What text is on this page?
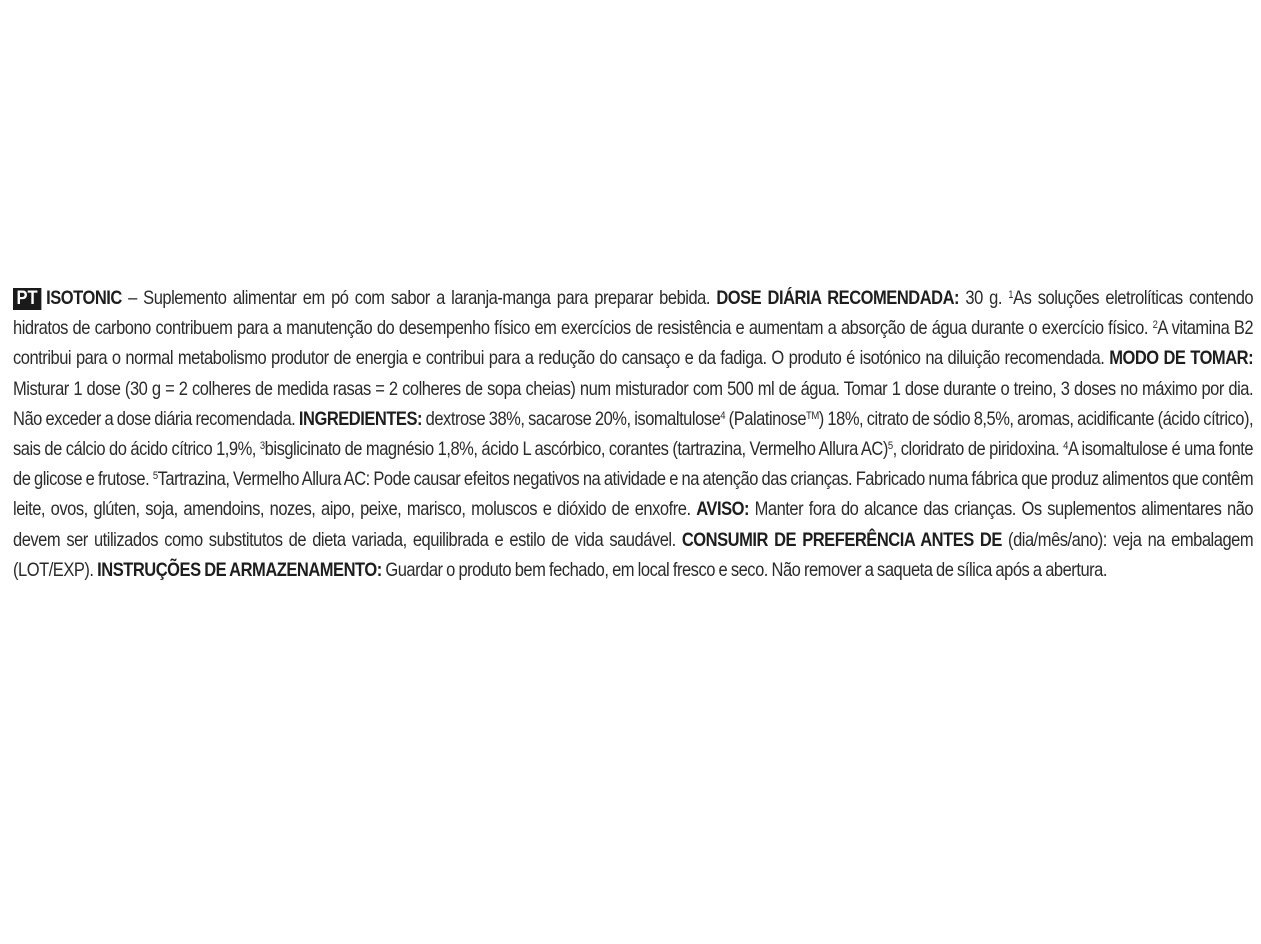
PT ISOTONIC – Suplemento alimentar em pó com sabor a laranja-manga para preparar bebida. DOSE DIÁRIA RECOMENDADA: 30 g. $^1$As soluções eletrolíticas contendo hidratos de carbono contribuem para a manutenção do desempenho físico em exercícios de resistência e aumentam a absorção de água durante o exercício físico. $^2$A vitamina B2 contribui para o normal metabolismo produtor de energia e contribui para a redução do cansaço e da fadiga. O produto é isotónico na diluição recomendada. MODO DE TOMAR: Misturar 1 dose (30 g = 2 colheres de medida rasas = 2 colheres de sopa cheias) num misturador com 500 ml de água. Tomar 1 dose durante o treino, 3 doses no máximo por dia. Não exceder a dose diária recomendada. INGREDIENTES: dextrose 38%, sacarose 20%, isomaltulose$^4$ (Palatinose™) 18%, citrato de sódio 8,5%, aromas, acidificante (ácido cítrico), sais de cálcio do ácido cítrico 1,9%, $^3$bisglicinato de magnésio 1,8%, ácido L ascórbico, corantes (tartrazina, Vermelho Allura AC)$^5$, cloridrato de piridoxina. $^4$A isomaltulose é uma fonte de glicose e frutose. $^5$Tartrazina, Vermelho Allura AC: Pode causar efeitos negativos na atividade e na atenção das crianças. Fabricado numa fábrica que produz alimentos que contêm leite, ovos, glúten, soja, amendoins, nozes, aipo, peixe, marisco, moluscos e dióxido de enxofre. AVISO: Manter fora do alcance das crianças. Os suplementos alimentares não devem ser utilizados como substitutos de dieta variada, equilibrada e estilo de vida saudável. CONSUMIR DE PREFERÊNCIA ANTES DE (dia/mês/ano): veja na embalagem (LOT/EXP). INSTRUÇÕES DE ARMAZENAMENTO: Guardar o produto bem fechado, em local fresco e seco. Não remover a saqueta de sílica após a abertura.
